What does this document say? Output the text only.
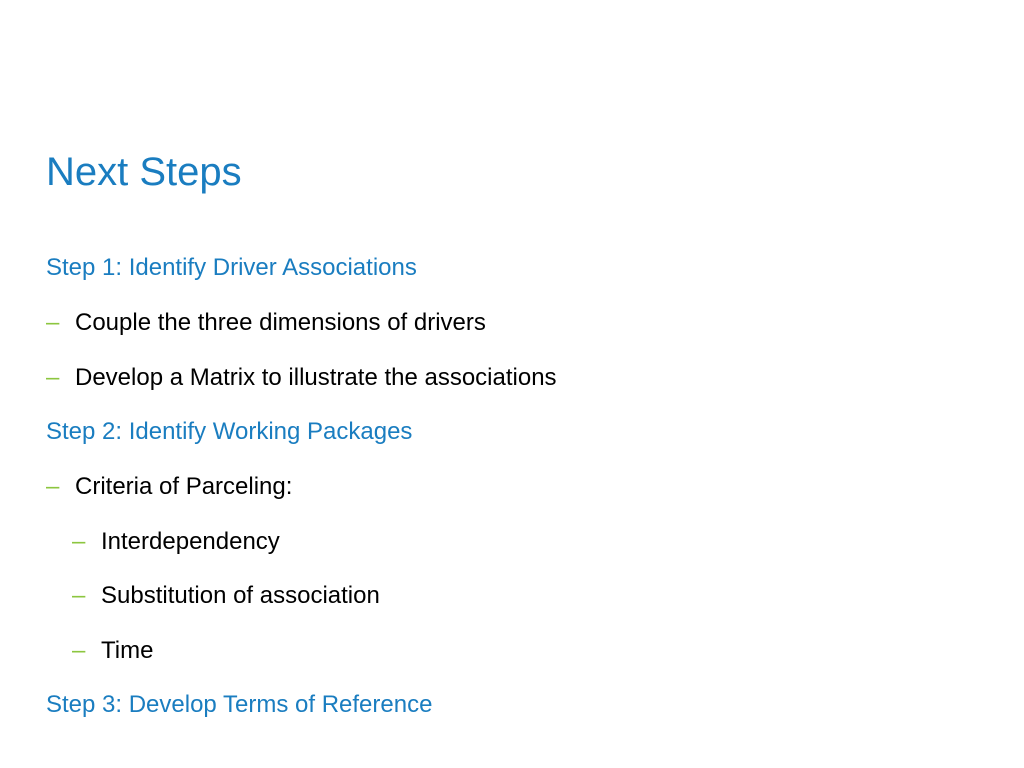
Next Steps
Step 1: Identify Driver Associations
– Couple the three dimensions of drivers
– Develop a Matrix to illustrate the associations
Step 2: Identify Working Packages
– Criteria of Parceling:
– Interdependency
– Substitution of association
– Time
Step 3: Develop Terms of Reference
